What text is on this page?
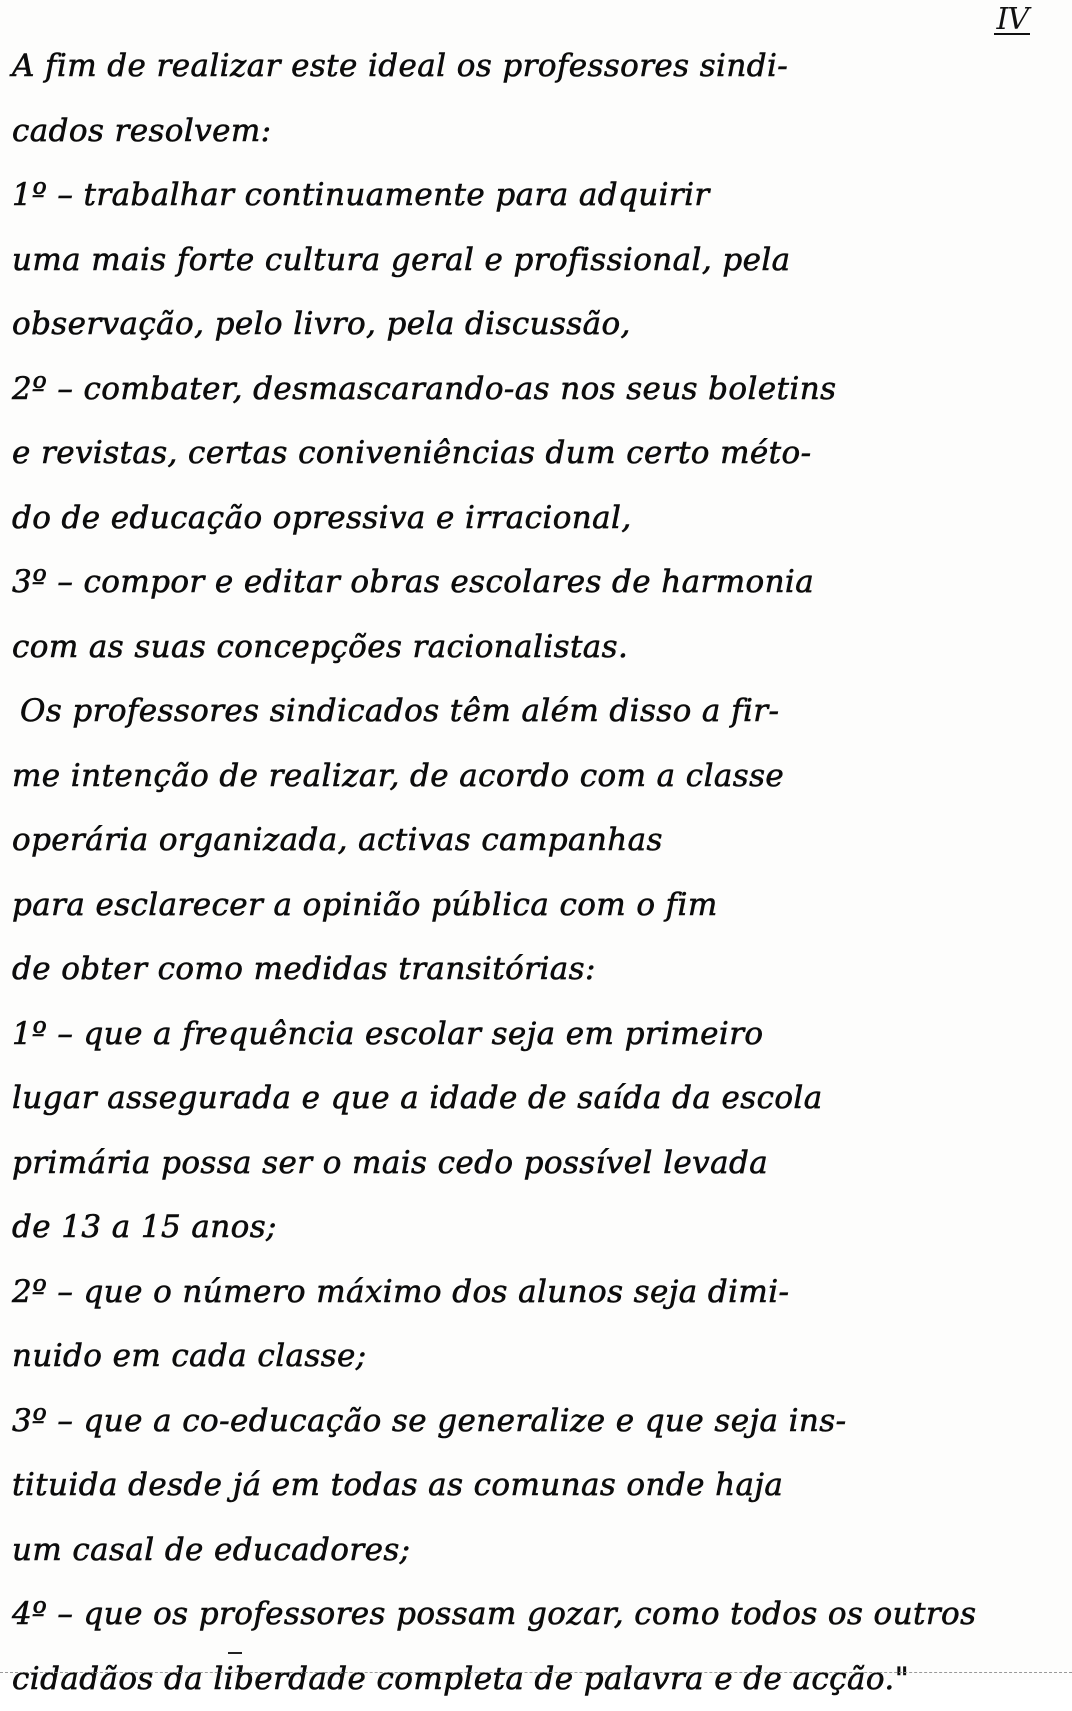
IV
A fim de realizar este ideal os professores sindi-
cados resolvem:
1º – trabalhar continuamente para adquirir
uma mais forte cultura geral e profissional, pela
observação, pelo livro, pela discussão,
2º – combater, desmascarando-as nos seus boletins
e revistas, certas coniveniências dum certo méto-
do de educação opressiva e irracional,
3º – compor e editar obras escolares de harmonia
com as suas concepções racionalistas.
Os professores sindicados têm além disso a fir-
me intenção de realizar, de acordo com a classe
operária organizada, activas campanhas
para esclarecer a opinião pública com o fim
de obter como medidas transitórias:
1º – que a frequência escolar seja em primeiro
lugar assegurada e que a idade de saída da escola
primária possa ser o mais cedo possível levada
de 13 a 15 anos;
2º – que o número máximo dos alunos seja dimi-
nuido em cada classe;
3º – que a co-educação se generalize e que seja ins-
tituida desde já em todas as comunas onde haja
um casal de educadores;
4º – que os professores possam gozar, como todos os outros
cidadãos da liberdade completa de palavra e de acção."
